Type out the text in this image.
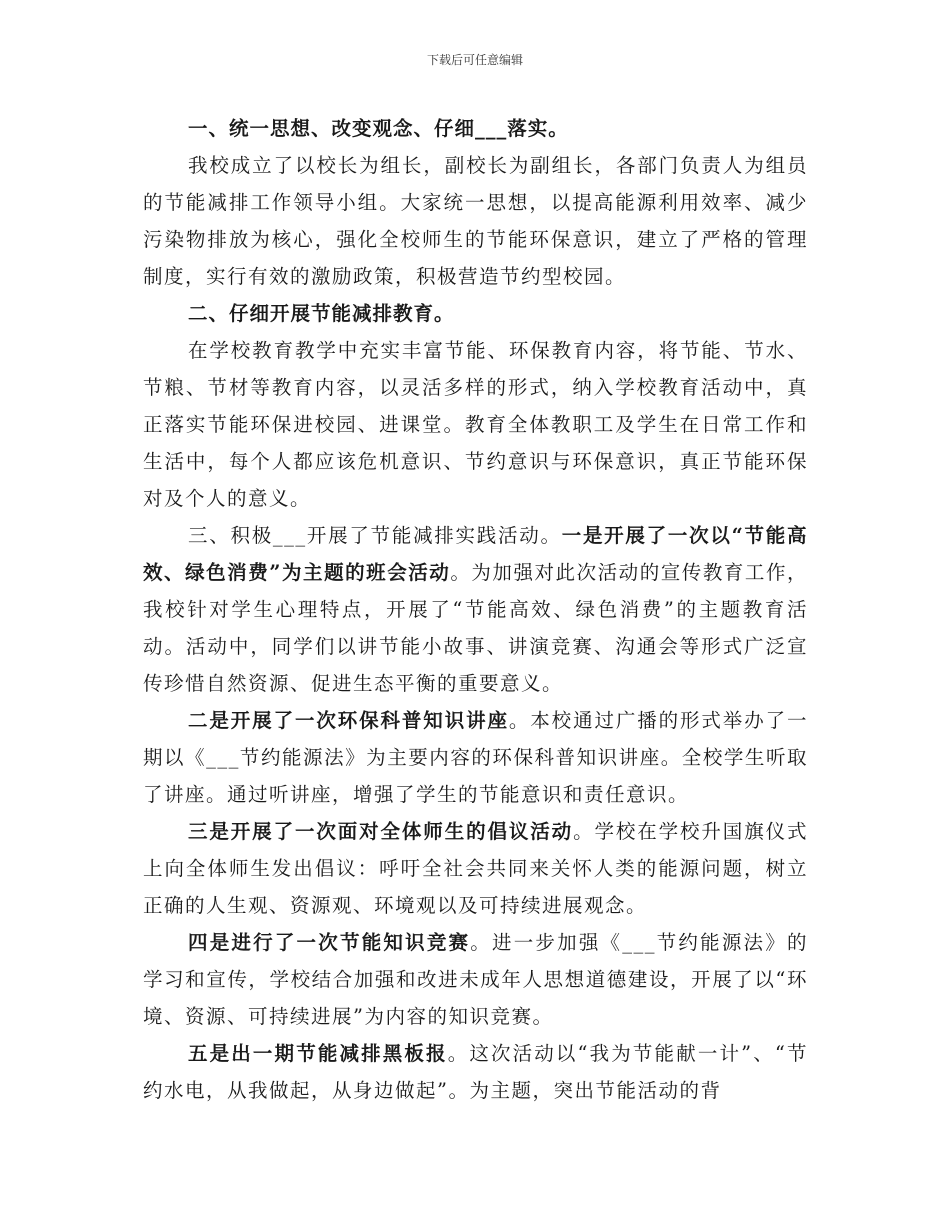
下载后可任意编辑

一、统一思想、改变观念、仔细___落实。

我校成立了以校长为组长，副校长为副组长，各部门负责人为组员的节能减排工作领导小组。大家统一思想，以提高能源利用效率、减少污染物排放为核心，强化全校师生的节能环保意识，建立了严格的管理制度，实行有效的激励政策，积极营造节约型校园。

二、仔细开展节能减排教育。

在学校教育教学中充实丰富节能、环保教育内容，将节能、节水、节粮、节材等教育内容，以灵活多样的形式，纳入学校教育活动中，真正落实节能环保进校园、进课堂。教育全体教职工及学生在日常工作和生活中，每个人都应该危机意识、节约意识与环保意识，真正节能环保对及个人的意义。

三、积极___开展了节能减排实践活动。一是开展了一次以“节能高效、绿色消费”为主题的班会活动。为加强对此次活动的宣传教育工作，我校针对学生心理特点，开展了“节能高效、绿色消费”的主题教育活动。活动中，同学们以讲节能小故事、讲演竞赛、沟通会等形式广泛宣传珍惜自然资源、促进生态平衡的重要意义。

二是开展了一次环保科普知识讲座。本校通过广播的形式举办了一期以《___节约能源法》为主要内容的环保科普知识讲座。全校学生听取了讲座。通过听讲座，增强了学生的节能意识和责任意识。

三是开展了一次面对全体师生的倡议活动。学校在学校升国旗仪式上向全体师生发出倡议：呼吁全社会共同来关怀人类的能源问题，树立正确的人生观、资源观、环境观以及可持续进展观念。

四是进行了一次节能知识竞赛。进一步加强《___节约能源法》的学习和宣传，学校结合加强和改进未成年人思想道德建设，开展了以“环境、资源、可持续进展”为内容的知识竞赛。

五是出一期节能减排黑板报。这次活动以“我为节能献一计”、“节约水电，从我做起，从身边做起”。为主题，突出节能活动的背
